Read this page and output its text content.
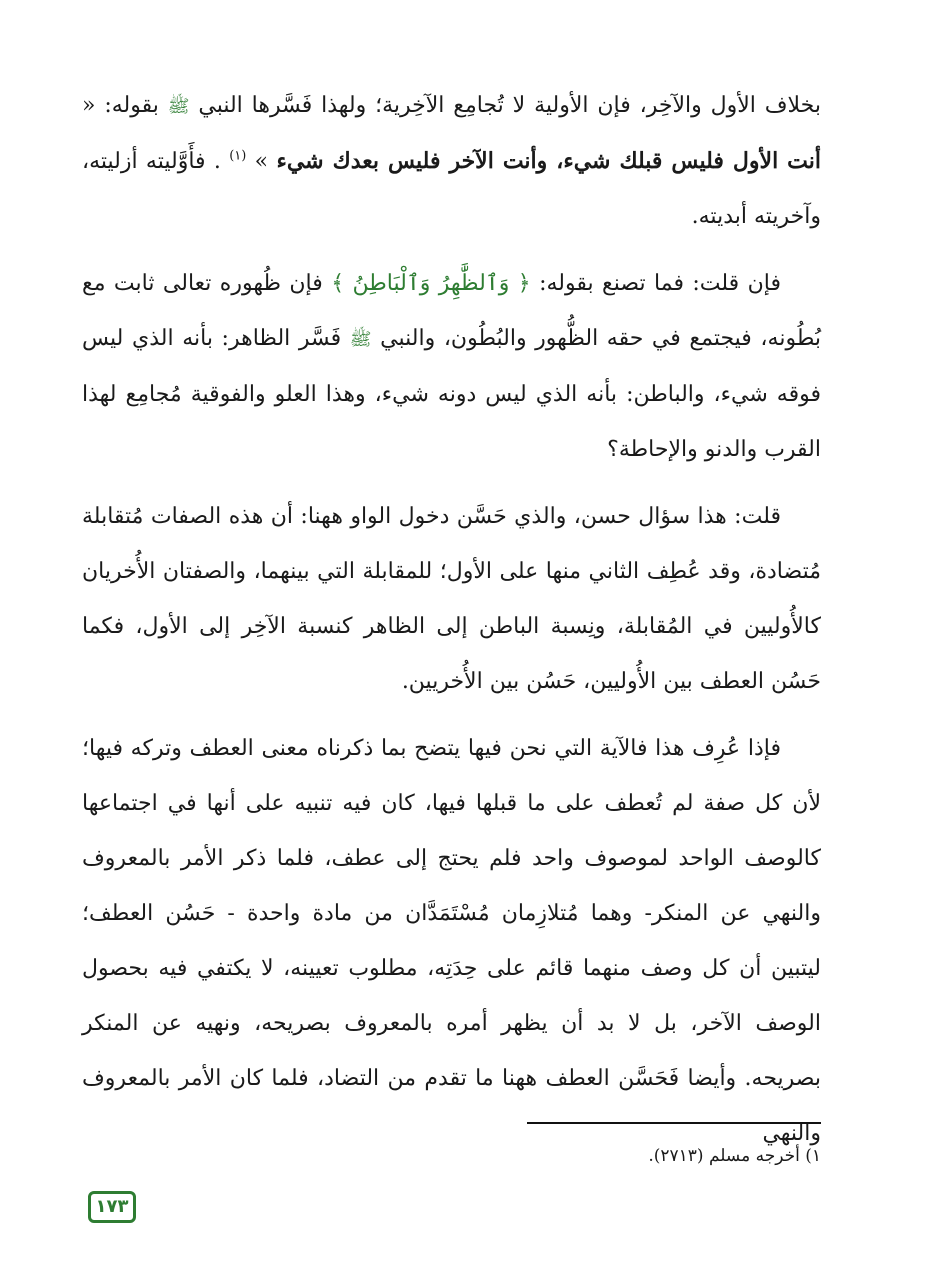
بخلاف الأول والآخِر، فإن الأولية لا تُجامِع الآخِرية؛ ولهذا فَسَّرها النبي ﷺ بقوله: « أنت الأول فليس قبلك شيء، وأنت الآخر فليس بعدك شيء » $^{(١)}$ . فأَوَّليته أزليته، وآخريته أبديته.

فإن قلت: فما تصنع بقوله: ﴿ وَٱلظَّٰهِرُ وَٱلْبَاطِنُ ﴾ فإن ظُهوره تعالى ثابت مع بُطُونه، فيجتمع في حقه الظُّهور والبُطُون، والنبي ﷺ فَسَّر الظاهر: بأنه الذي ليس فوقه شيء، والباطن: بأنه الذي ليس دونه شيء، وهذا العلو والفوقية مُجامِع لهذا القرب والدنو والإحاطة؟

قلت: هذا سؤال حسن، والذي حَسَّن دخول الواو ههنا: أن هذه الصفات مُتقابلة مُتضادة، وقد عُطِف الثاني منها على الأول؛ للمقابلة التي بينهما، والصفتان الأُخريان كالأُوليين في المُقابلة، ونِسبة الباطن إلى الظاهر كنسبة الآخِر إلى الأول، فكما حَسُن العطف بين الأُوليين، حَسُن بين الأُخريين.

فإذا عُرِف هذا فالآية التي نحن فيها يتضح بما ذكرناه معنى العطف وتركه فيها؛ لأن كل صفة لم تُعطف على ما قبلها فيها، كان فيه تنبيه على أنها في اجتماعها كالوصف الواحد لموصوف واحد فلم يحتج إلى عطف، فلما ذكر الأمر بالمعروف والنهي عن المنكر- وهما مُتلازِمان مُسْتَمَدَّان من مادة واحدة - حَسُن العطف؛ ليتبين أن كل وصف منهما قائم على حِدَتِه، مطلوب تعيينه، لا يكتفي فيه بحصول الوصف الآخر، بل لا بد أن يظهر أمره بالمعروف بصريحه، ونهيه عن المنكر بصريحه. وأيضا فَحَسَّن العطف ههنا ما تقدم من التضاد، فلما كان الأمر بالمعروف والنهي

١) أخرجه مسلم (٢٧١٣).
١٧٣
